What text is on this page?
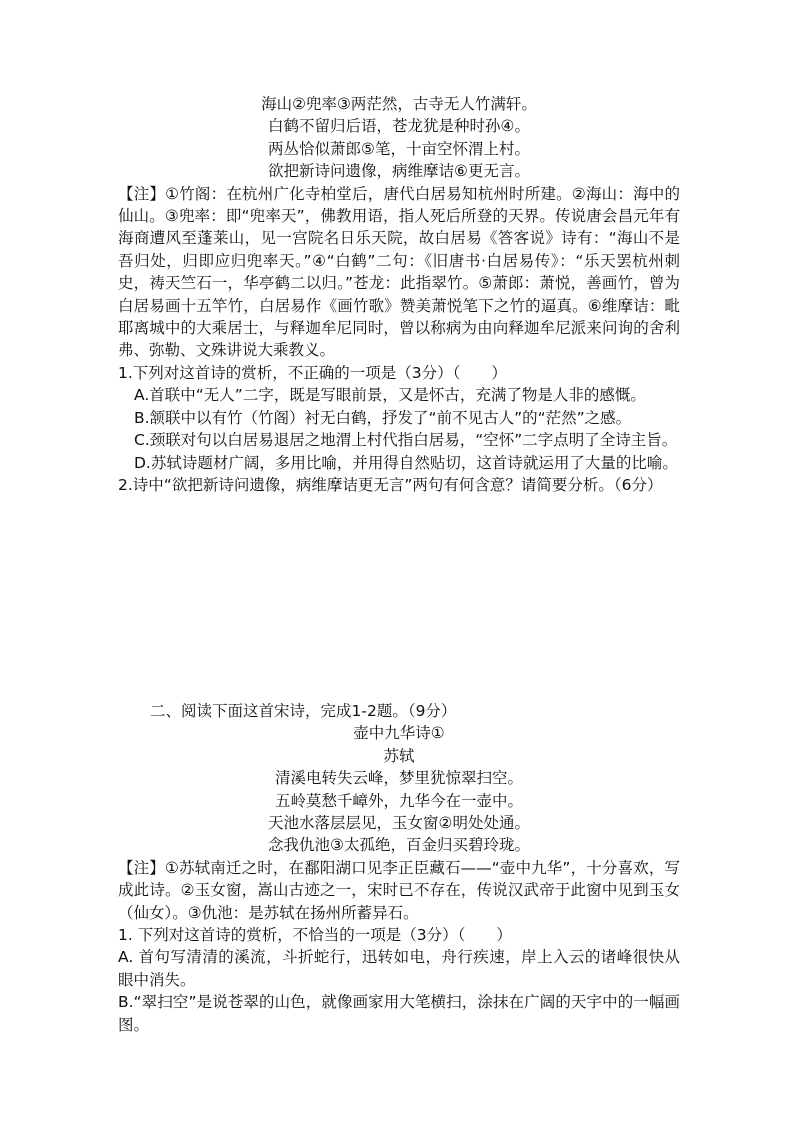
海山②兜率③两茫然，古寺无人竹满轩。
白鹤不留归后语，苍龙犹是种时孙④。
两丛恰似萧郎⑤笔，十亩空怀渭上村。
欲把新诗问遗像，病维摩诘⑥更无言。
【注】①竹阁：在杭州广化寺柏堂后，唐代白居易知杭州时所建。②海山：海中的仙山。③兜率：即“兜率天”，佛教用语，指人死后所登的天界。传说唐会昌元年有海商遭风至蓬莱山，见一宫院名日乐天院，故白居易《答客说》诗有：“海山不是吾归处，归即应归兜率天。”④“白鹤”二句：《旧唐书·白居易传》：“乐天罢杭州刺史，祷天竺石一，华亭鹤二以归。”苍龙：此指翠竹。⑤萧郎：萧悦，善画竹，曾为白居易画十五竿竹，白居易作《画竹歌》赞美萧悦笔下之竹的逼真。⑥维摩诘：毗耶离城中的大乘居士，与释迦牟尼同时，曾以称病为由向释迦牟尼派来问询的舍利弗、弥勒、文殊讲说大乘教义。
1.下列对这首诗的赏析，不正确的一项是（3分）（　　）
A.首联中“无人”二字，既是写眼前景，又是怀古，充满了物是人非的感慨。
B.颔联中以有竹（竹阁）衬无白鹤，抒发了“前不见古人”的“茫然”之感。
C.颈联对句以白居易退居之地渭上村代指白居易，“空怀”二字点明了全诗主旨。
D.苏轼诗题材广阔，多用比喻，并用得自然贴切，这首诗就运用了大量的比喻。
2.诗中“欲把新诗问遗像，病维摩诘更无言”两句有何含意？请简要分析。（6分）
二、阅读下面这首宋诗，完成1-2题。（9分）
壶中九华诗①
苏轼
清溪电转失云峰，梦里犹惊翠扫空。
五岭莫愁千嶂外，九华今在一壶中。
天池水落层层见，玉女窗②明处处通。
念我仇池③太孤绝，百金归买碧玲珑。
【注】①苏轼南迁之时，在鄱阳湖口见李正臣藏石——“壶中九华”，十分喜欢，写成此诗。②玉女窗，嵩山古迹之一，宋时已不存在，传说汉武帝于此窗中见到玉女（仙女）。③仇池：是苏轼在扬州所蓄异石。
1. 下列对这首诗的赏析，不恰当的一项是（3分）（　　）
A. 首句写清清的溪流，斗折蛇行，迅转如电，舟行疾速，岸上入云的诸峰很快从眼中消失。
B.“翠扫空”是说苍翠的山色，就像画家用大笔横扫，涂抹在广阔的天宇中的一幅画图。
